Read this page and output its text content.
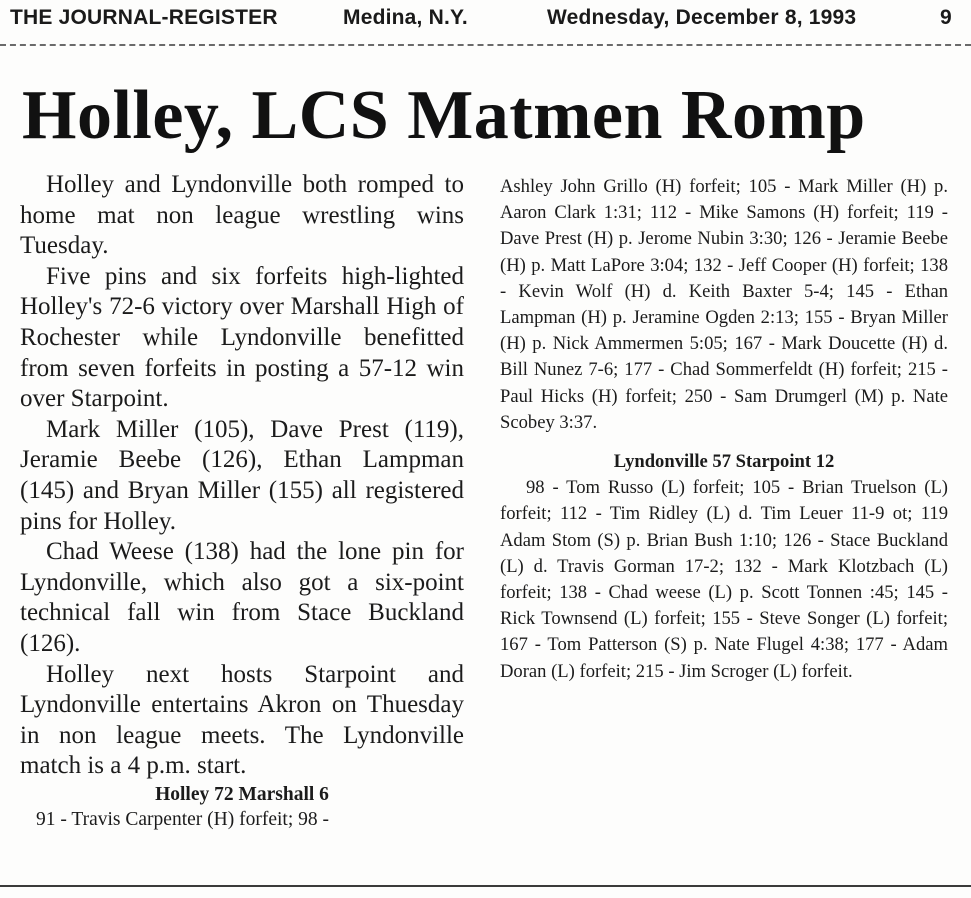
THE JOURNAL-REGISTER	Medina, N.Y.	Wednesday, December 8, 1993	9
Holley, LCS Matmen Romp

Holley and Lyndonville both romped to home mat non league wrestling wins Tuesday.

Five pins and six forfeits high-lighted Holley's 72-6 victory over Marshall High of Rochester while Lyndonville benefitted from seven forfeits in posting a 57-12 win over Starpoint.

Mark Miller (105), Dave Prest (119), Jeramie Beebe (126), Ethan Lampman (145) and Bryan Miller (155) all registered pins for Holley.

Chad Weese (138) had the lone pin for Lyndonville, which also got a six-point technical fall win from Stace Buckland (126).

Holley next hosts Starpoint and Lyndonville entertains Akron on Thuesday in non league meets. The Lyndonville match is a 4 p.m. start.

Holley 72 Marshall 6

91 - Travis Carpenter (H) forfeit; 98 -

Ashley John Grillo (H) forfeit; 105 - Mark Miller (H) p. Aaron Clark 1:31; 112 - Mike Samons (H) forfeit; 119 - Dave Prest (H) p. Jerome Nubin 3:30; 126 - Jeramie Beebe (H) p. Matt LaPore 3:04; 132 - Jeff Cooper (H) forfeit; 138 - Kevin Wolf (H) d. Keith Baxter 5-4; 145 - Ethan Lampman (H) p. Jeramine Ogden 2:13; 155 - Bryan Miller (H) p. Nick Ammermen 5:05; 167 - Mark Doucette (H) d. Bill Nunez 7-6; 177 - Chad Sommerfeldt (H) forfeit; 215 - Paul Hicks (H) forfeit; 250 - Sam Drumgerl (M) p. Nate Scobey 3:37.

Lyndonville 57 Starpoint 12

98 - Tom Russo (L) forfeit; 105 - Brian Truelson (L) forfeit; 112 - Tim Ridley (L) d. Tim Leuer 11-9 ot; 119 Adam Stom (S) p. Brian Bush 1:10; 126 - Stace Buckland (L) d. Travis Gorman 17-2; 132 - Mark Klotzbach (L) forfeit; 138 - Chad weese (L) p. Scott Tonnen :45; 145 - Rick Townsend (L) forfeit; 155 - Steve Songer (L) forfeit; 167 - Tom Patterson (S) p. Nate Flugel 4:38; 177 - Adam Doran (L) forfeit; 215 - Jim Scroger (L) forfeit.
